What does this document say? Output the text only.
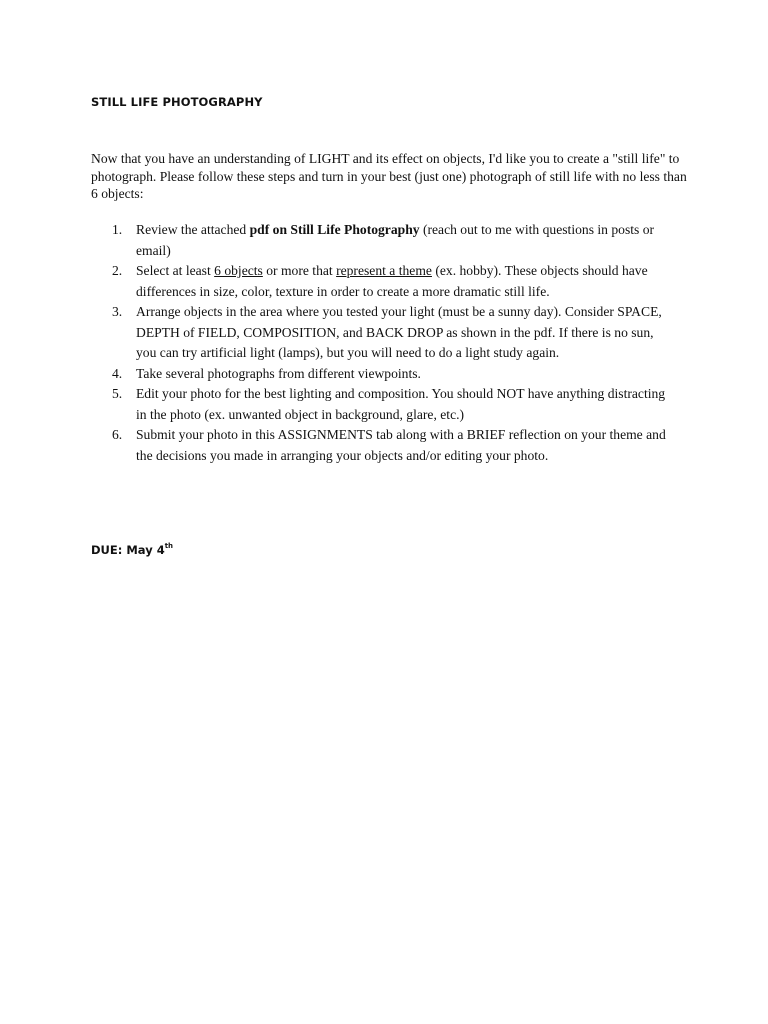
STILL LIFE PHOTOGRAPHY

Now that you have an understanding of LIGHT and its effect on objects, I'd like you to create a "still life" to photograph. Please follow these steps and turn in your best (just one) photograph of still life with no less than 6 objects:

1. Review the attached pdf on Still Life Photography (reach out to me with questions in posts or email)
2. Select at least 6 objects or more that represent a theme (ex. hobby). These objects should have differences in size, color, texture in order to create a more dramatic still life.
3. Arrange objects in the area where you tested your light (must be a sunny day). Consider SPACE, DEPTH of FIELD, COMPOSITION, and BACK DROP as shown in the pdf. If there is no sun, you can try artificial light (lamps), but you will need to do a light study again.
4. Take several photographs from different viewpoints.
5. Edit your photo for the best lighting and composition. You should NOT have anything distracting in the photo (ex. unwanted object in background, glare, etc.)
6. Submit your photo in this ASSIGNMENTS tab along with a BRIEF reflection on your theme and the decisions you made in arranging your objects and/or editing your photo.

DUE: May 4th
